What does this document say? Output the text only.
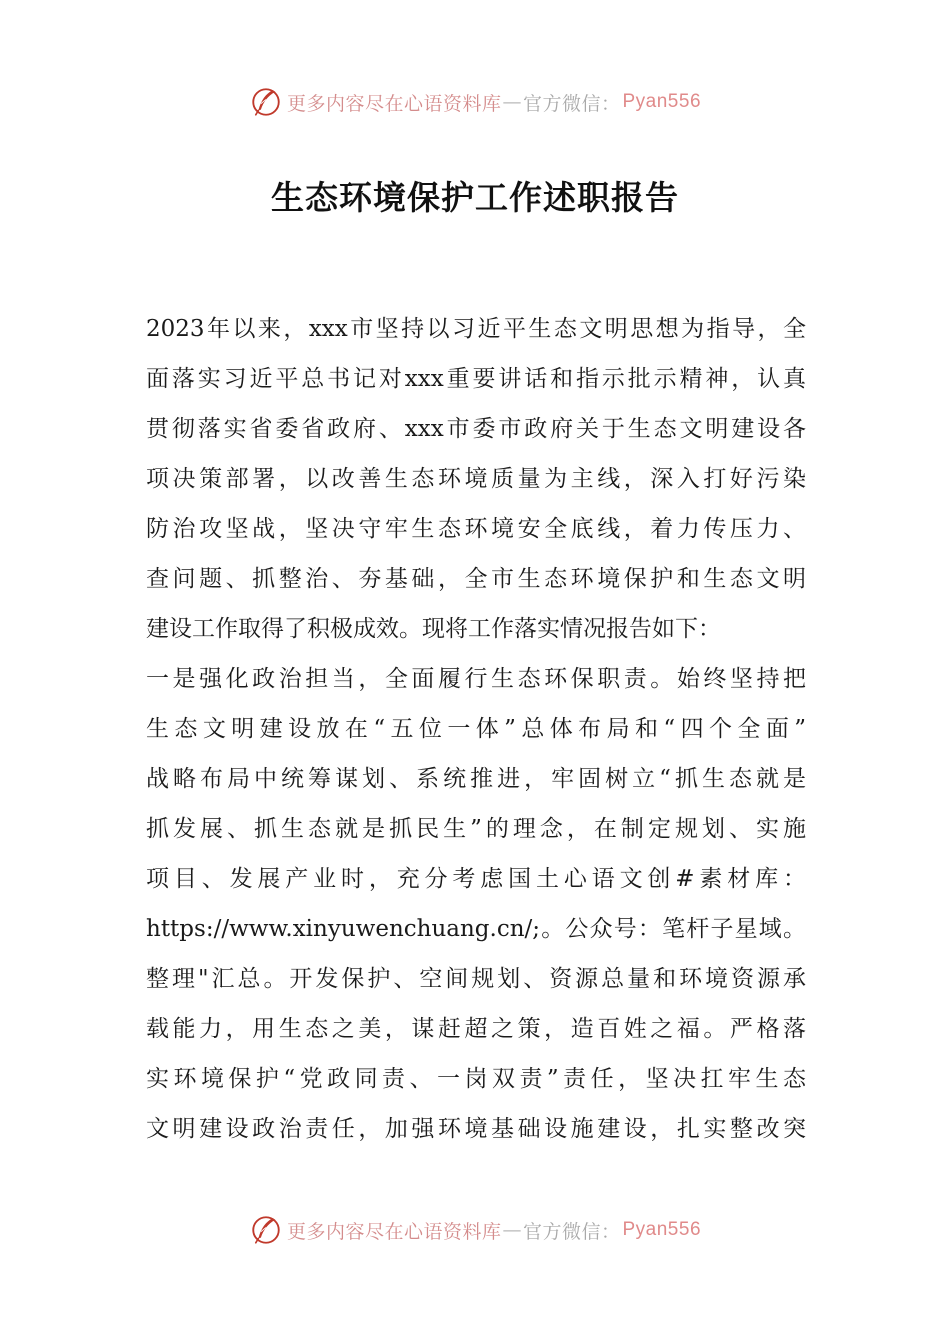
更多内容尽在心语资料库 — 官方微信： Pyan556
生态环境保护工作述职报告
2023年以来，xxx市坚持以习近平生态文明思想为指导，全
面落实习近平总书记对xxx重要讲话和指示批示精神，认真
贯彻落实省委省政府、xxx市委市政府关于生态文明建设各
项决策部署，以改善生态环境质量为主线，深入打好污染
防治攻坚战，坚决守牢生态环境安全底线，着力传压力、
查问题、抓整治、夯基础，全市生态环境保护和生态文明
建设工作取得了积极成效。现将工作落实情况报告如下：
一是强化政治担当，全面履行生态环保职责。始终坚持把
生态文明建设放在“五位一体”总体布局和“四个全面”
战略布局中统筹谋划、系统推进，牢固树立“抓生态就是
抓发展、抓生态就是抓民生”的理念，在制定规划、实施
项目、发展产业时，充分考虑国土心语文创#素材库：
https://www.xinyuwenchuang.cn/;。公众号：笔杆子星域。
整理"汇总。开发保护、空间规划、资源总量和环境资源承
载能力，用生态之美，谋赶超之策，造百姓之福。严格落
实环境保护“党政同责、一岗双责”责任，坚决扛牢生态
文明建设政治责任，加强环境基础设施建设，扎实整改突
更多内容尽在心语资料库 — 官方微信： Pyan556
